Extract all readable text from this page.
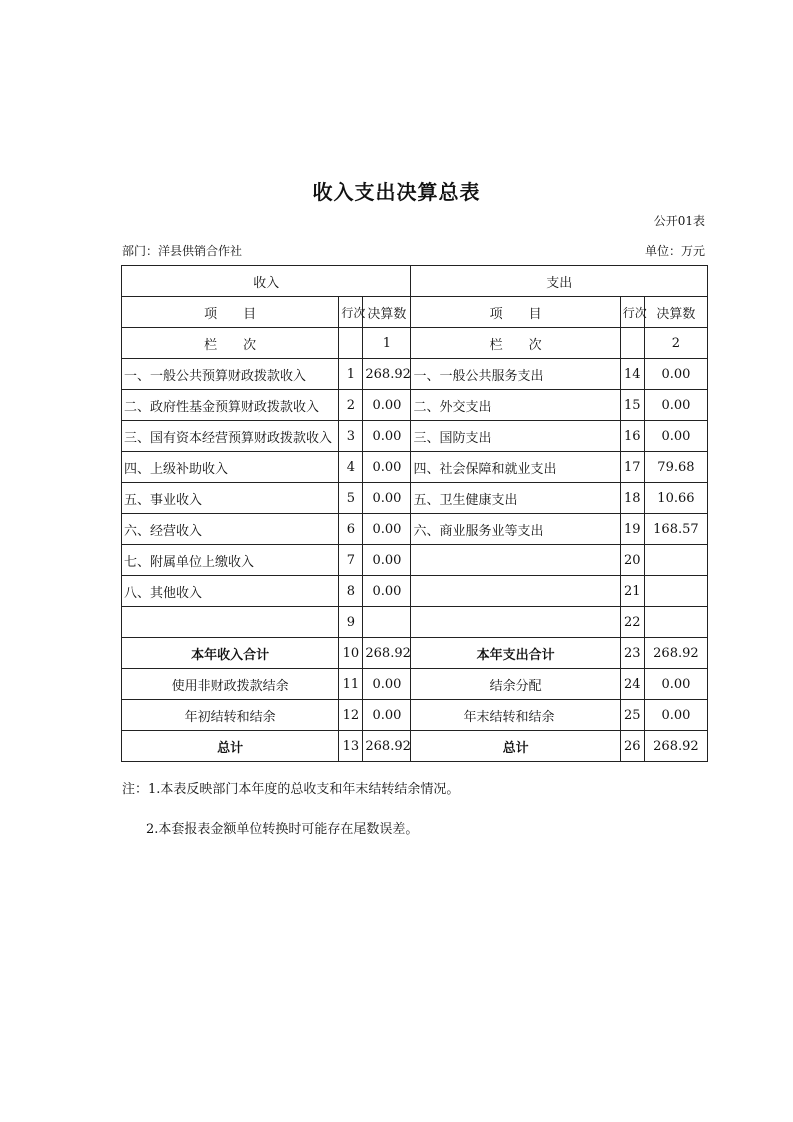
收入支出决算总表
公开01表
部门：洋县供销合作社	单位：万元
收入			支出		
项　　目	行次	决算数	项　　目	行次	决算数
栏　　次		1	栏　　次		2
一、一般公共预算财政拨款收入	1	268.92	一、一般公共服务支出	14	0.00
二、政府性基金预算财政拨款收入	2	0.00	二、外交支出	15	0.00
三、国有资本经营预算财政拨款收入	3	0.00	三、国防支出	16	0.00
四、上级补助收入	4	0.00	四、社会保障和就业支出	17	79.68
五、事业收入	5	0.00	五、卫生健康支出	18	10.66
六、经营收入	6	0.00	六、商业服务业等支出	19	168.57
七、附属单位上缴收入	7	0.00		20	
八、其他收入	8	0.00		21	
	9			22	
本年收入合计	10	268.92	本年支出合计	23	268.92
使用非财政拨款结余	11	0.00	结余分配	24	0.00
年初结转和结余	12	0.00	年末结转和结余	25	0.00
总计	13	268.92	总计	26	268.92
注：1.本表反映部门本年度的总收支和年末结转结余情况。
2.本套报表金额单位转换时可能存在尾数误差。
